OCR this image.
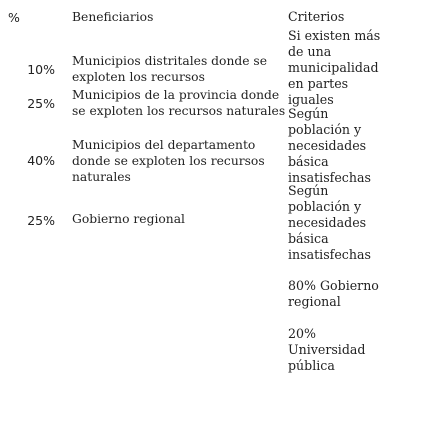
%	Beneficiarios	Criterios
10%
Municipios distritales donde se
exploten los recursos
25%
Municipios de la provincia donde
se exploten los recursos naturales
40%
Municipios del departamento
donde se exploten los recursos
naturales
25% Gobierno regional
Si existen más
de una
municipalidad
en partes
iguales
Según
población y
necesidades
básica
insatisfechas
Según
población y
necesidades
básica
insatisfechas
80% Gobierno
regional
20%
Universidad
pública
